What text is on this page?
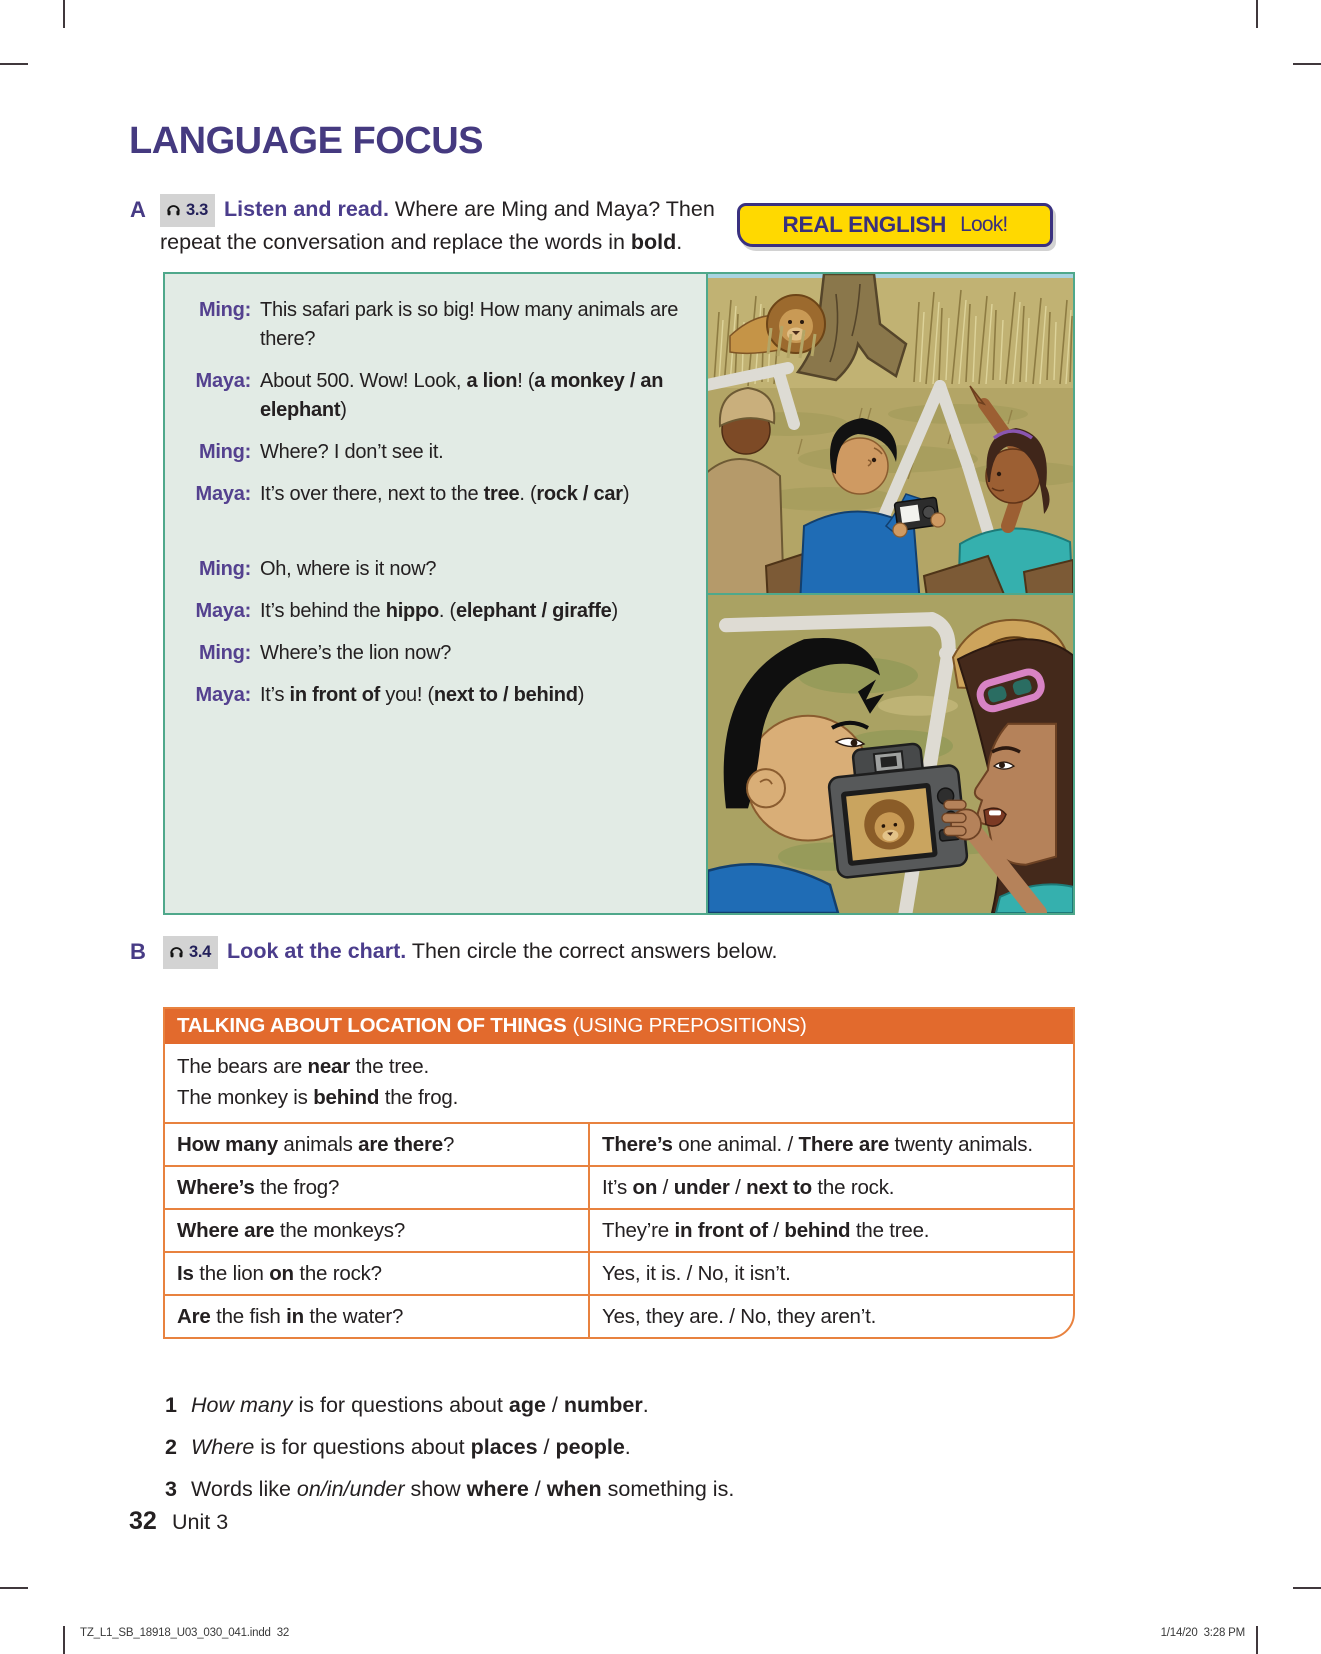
LANGUAGE FOCUS
A 3.3 Listen and read. Where are Ming and Maya? Then repeat the conversation and replace the words in bold.
REAL ENGLISH Look!
Ming: This safari park is so big! How many animals are there?
Maya: About 500. Wow! Look, a lion! (a monkey / an elephant)
Ming: Where? I don’t see it.
Maya: It’s over there, next to the tree. (rock / car)
Ming: Oh, where is it now?
Maya: It’s behind the hippo. (elephant / giraffe)
Ming: Where’s the lion now?
Maya: It’s in front of you! (next to / behind)
B	3.4 Look at the chart. Then circle the correct answers below.
TALKING ABOUT LOCATION OF THINGS (USING PREPOSITIONS)
The bears are near the tree.
The monkey is behind the frog.
How many animals are there?	There’s one animal. / There are twenty animals.
Where’s the frog?	It’s on / under / next to the rock.
Where are the monkeys?	They’re in front of / behind the tree.
Is the lion on the rock?	Yes, it is. / No, it isn’t.
Are the fish in the water?	Yes, they are. / No, they aren’t.
1 How many is for questions about age / number.
2 Where is for questions about places / people.
3 Words like on/in/under show where / when something is.
32 Unit 3
TZ_L1_SB_18918_U03_030_041.indd  32	1/14/20  3:28 PM
